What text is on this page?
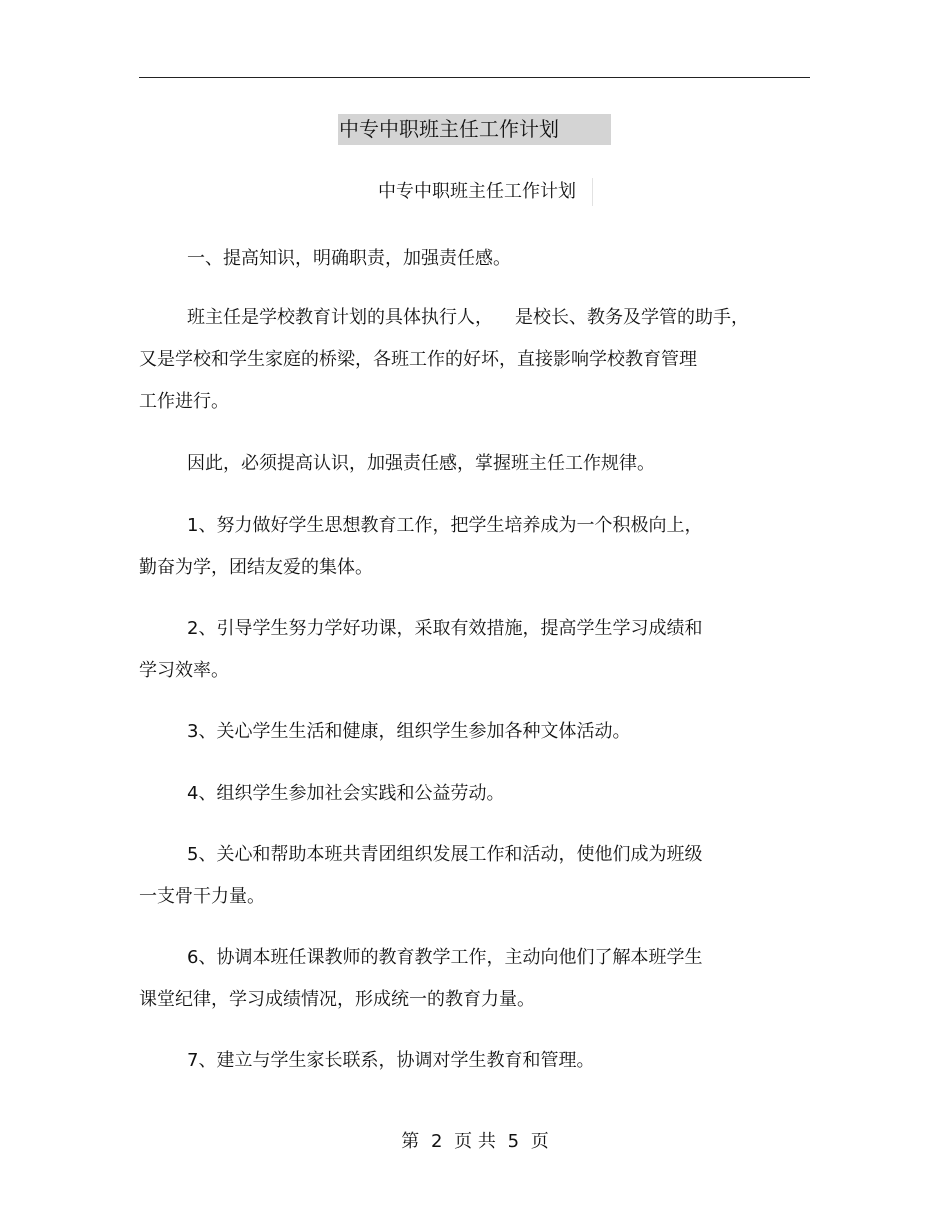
中专中职班主任工作计划
中专中职班主任工作计划

一、提高知识，明确职责，加强责任感。

班主任是学校教育计划的具体执行人， 是校长、教务及学管的助手，
又是学校和学生家庭的桥梁，各班工作的好坏，直接影响学校教育管理
工作进行。

因此，必须提高认识，加强责任感，掌握班主任工作规律。

1、努力做好学生思想教育工作，把学生培养成为一个积极向上，
勤奋为学，团结友爱的集体。

2、引导学生努力学好功课，采取有效措施，提高学生学习成绩和
学习效率。

3、关心学生生活和健康，组织学生参加各种文体活动。

4、组织学生参加社会实践和公益劳动。

5、关心和帮助本班共青团组织发展工作和活动，使他们成为班级
一支骨干力量。

6、协调本班任课教师的教育教学工作，主动向他们了解本班学生
课堂纪律，学习成绩情况，形成统一的教育力量。

7、建立与学生家长联系，协调对学生教育和管理。

第 2 页 共 5 页
